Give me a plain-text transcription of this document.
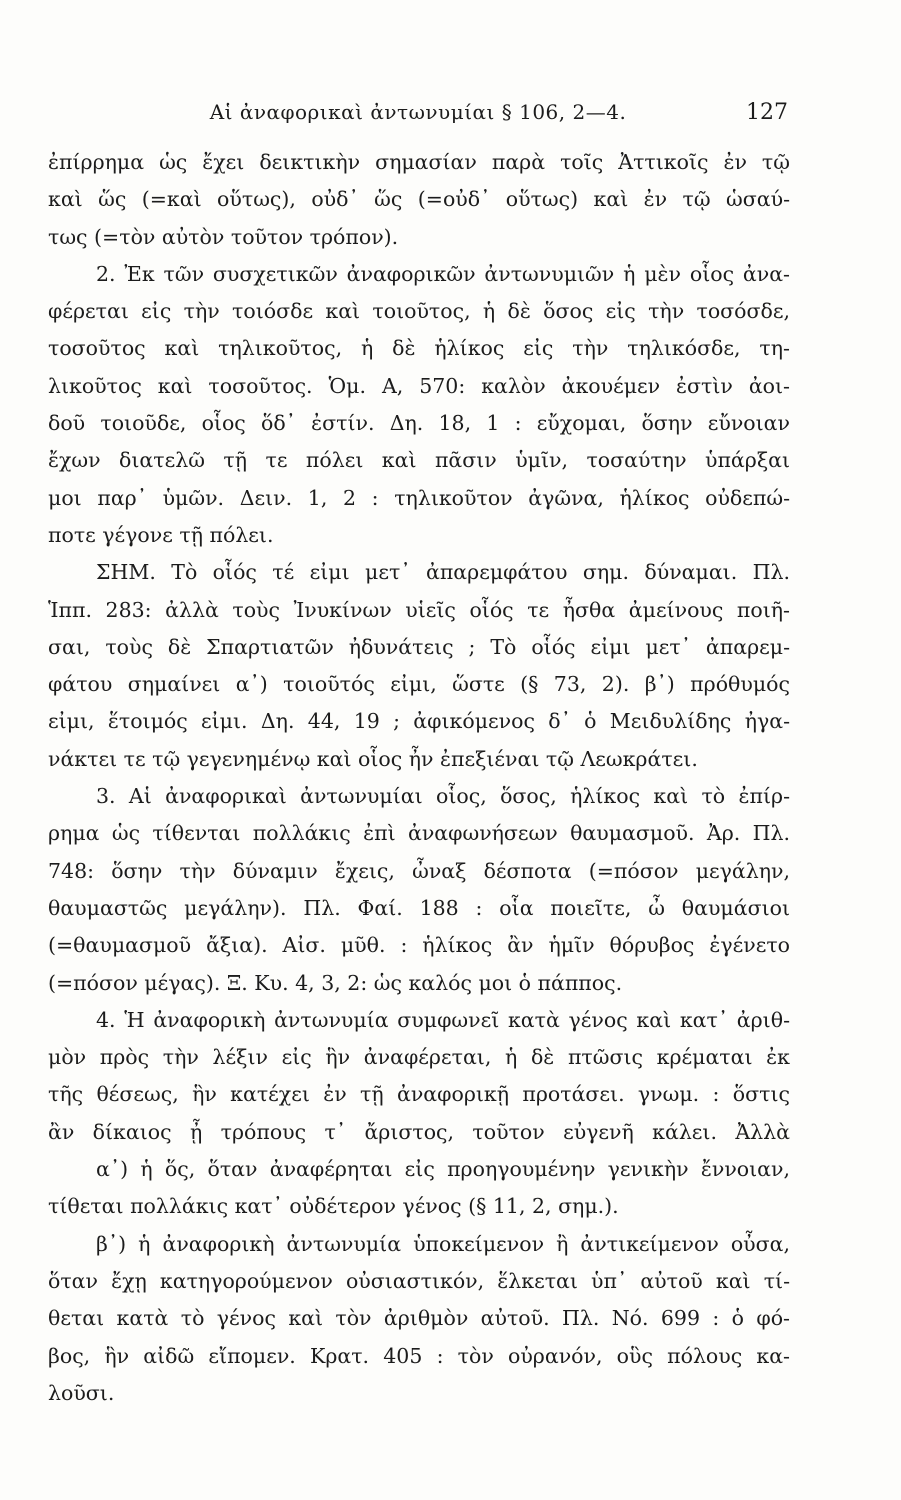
Αἱ ἀναφορικαὶ ἀντωνυμίαι § 106, 2—4.	127
ἐπίρρημα ὡς ἔχει δεικτικὴν σημασίαν παρὰ τοῖς Ἀττικοῖς ἐν τῷ
καὶ ὥς (=καὶ οὕτως), οὐδ᾽ ὥς (=οὐδ᾽ οὕτως) καὶ ἐν τῷ ὡσαύ-
τως (=τὸν αὐτὸν τοῦτον τρόπον).
2. Ἐκ τῶν συσχετικῶν ἀναφορικῶν ἀντωνυμιῶν ἡ μὲν οἷος ἀνα-
φέρεται εἰς τὴν τοιόσδε καὶ τοιοῦτος, ἡ δὲ ὅσος εἰς τὴν τοσόσδε,
τοσοῦτος καὶ τηλικοῦτος, ἡ δὲ ἡλίκος εἰς τὴν τηλικόσδε, τη-
λικοῦτος καὶ τοσοῦτος. Ὁμ. Α, 570: καλὸν ἀκουέμεν ἐστὶν ἀοι-
δοῦ τοιοῦδε, οἷος ὅδ᾽ ἐστίν. Δη. 18, 1 : εὔχομαι, ὅσην εὔνοιαν
ἔχων διατελῶ τῇ τε πόλει καὶ πᾶσιν ὑμῖν, τοσαύτην ὑπάρξαι
μοι παρ᾽ ὑμῶν. Δειν. 1, 2 : τηλικοῦτον ἀγῶνα, ἡλίκος οὐδεπώ-
ποτε γέγονε τῇ πόλει.
ΣΗΜ. Τὸ οἷός τέ εἰμι μετ᾽ ἀπαρεμφάτου σημ. δύναμαι. Πλ.
Ἱππ. 283: ἀλλὰ τοὺς Ἰνυκίνων υἱεῖς οἷός τε ἦσθα ἀμείνους ποιῆ-
σαι, τοὺς δὲ Σπαρτιατῶν ἠδυνάτεις ; Τὸ οἷός εἰμι μετ᾽ ἀπαρεμ-
φάτου σημαίνει α᾽) τοιοῦτός εἰμι, ὥστε (§ 73, 2). β᾽) πρόθυμός
εἰμι, ἕτοιμός εἰμι. Δη. 44, 19 ; ἀφικόμενος δ᾽ ὁ Μειδυλίδης ἠγα-
νάκτει τε τῷ γεγενημένῳ καὶ οἷος ἦν ἐπεξιέναι τῷ Λεωκράτει.
3. Αἱ ἀναφορικαὶ ἀντωνυμίαι οἷος, ὅσος, ἡλίκος καὶ τὸ ἐπίρ-
ρημα ὡς τίθενται πολλάκις ἐπὶ ἀναφωνήσεων θαυμασμοῦ. Ἀρ. Πλ.
748: ὅσην τὴν δύναμιν ἔχεις, ὦναξ δέσποτα (=πόσον μεγάλην,
θαυμαστῶς μεγάλην). Πλ. Φαί. 188 : οἷα ποιεῖτε, ὦ θαυμάσιοι
(=θαυμασμοῦ ἄξια). Αἰσ. μῦθ. : ἡλίκος ἂν ἡμῖν θόρυβος ἐγένετο
(=πόσον μέγας). Ξ. Κυ. 4, 3, 2: ὡς καλός μοι ὁ πάππος.
4. Ἡ ἀναφορικὴ ἀντωνυμία συμφωνεῖ κατὰ γένος καὶ κατ᾽ ἀριθ-
μὸν πρὸς τὴν λέξιν εἰς ἣν ἀναφέρεται, ἡ δὲ πτῶσις κρέμαται ἐκ
τῆς θέσεως, ἣν κατέχει ἐν τῇ ἀναφορικῇ προτάσει. γνωμ. : ὅστις
ἂν δίκαιος ᾖ τρόπους τ᾽ ἄριστος, τοῦτον εὐγενῆ κάλει. Ἀλλὰ
α᾽) ἡ ὅς, ὅταν ἀναφέρηται εἰς προηγουμένην γενικὴν ἔννοιαν,
τίθεται πολλάκις κατ᾽ οὐδέτερον γένος (§ 11, 2, σημ.).
β᾽) ἡ ἀναφορικὴ ἀντωνυμία ὑποκείμενον ἢ ἀντικείμενον οὖσα,
ὅταν ἔχῃ κατηγορούμενον οὐσιαστικόν, ἕλκεται ὑπ᾽ αὐτοῦ καὶ τί-
θεται κατὰ τὸ γένος καὶ τὸν ἀριθμὸν αὐτοῦ. Πλ. Νό. 699 : ὁ φό-
βος, ἣν αἰδῶ εἴπομεν. Κρατ. 405 : τὸν οὐρανόν, οὓς πόλους κα-
λοῦσι.
